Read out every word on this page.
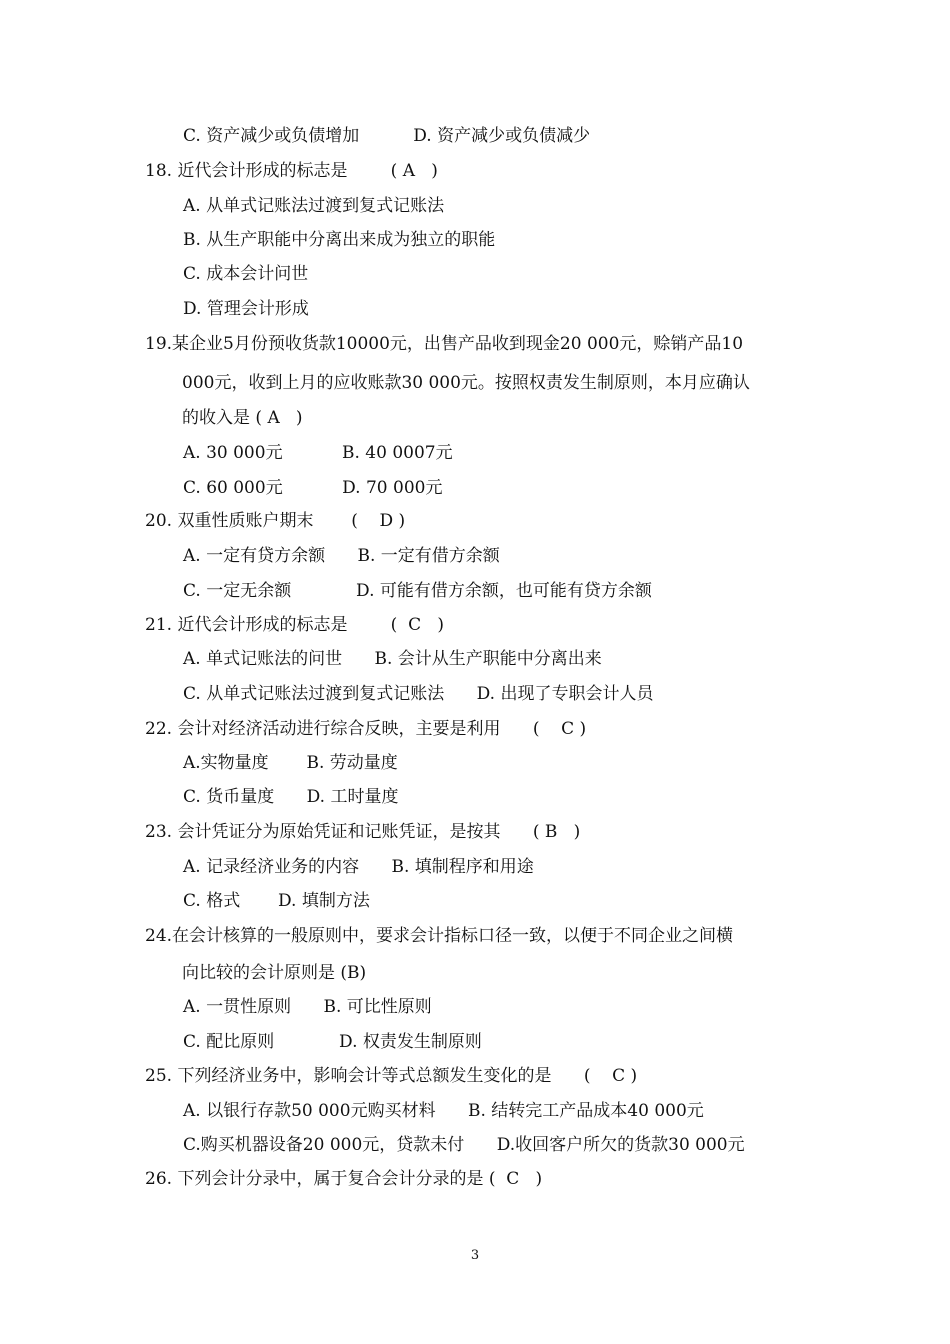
C. 资产减少或负债增加          D. 资产减少或负债减少
18. 近代会计形成的标志是        ( A   )
A. 从单式记账法过渡到复式记账法
B. 从生产职能中分离出来成为独立的职能
C. 成本会计问世
D. 管理会计形成
19.某企业5月份预收货款10000元，出售产品收到现金20 000元，赊销产品10
000元，收到上月的应收账款30 000元。按照权责发生制原则，本月应确认
的收入是 ( A   )
A. 30 000元           B. 40 0007元
C. 60 000元           D. 70 000元
20. 双重性质账户期末       (    D )
A. 一定有贷方余额      B. 一定有借方余额
C. 一定无余额            D. 可能有借方余额，也可能有贷方余额
21. 近代会计形成的标志是        (  C   )
A. 单式记账法的问世      B. 会计从生产职能中分离出来
C. 从单式记账法过渡到复式记账法      D. 出现了专职会计人员
22. 会计对经济活动进行综合反映，主要是利用      (    C )
A.实物量度       B. 劳动量度
C. 货币量度      D. 工时量度
23. 会计凭证分为原始凭证和记账凭证，是按其      ( B   )
A. 记录经济业务的内容      B. 填制程序和用途
C. 格式       D. 填制方法
24.在会计核算的一般原则中，要求会计指标口径一致，以便于不同企业之间横
向比较的会计原则是 (B)
A. 一贯性原则      B. 可比性原则
C. 配比原则            D. 权责发生制原则
25. 下列经济业务中，影响会计等式总额发生变化的是      (    C )
A. 以银行存款50 000元购买材料      B. 结转完工产品成本40 000元
C.购买机器设备20 000元，贷款未付      D.收回客户所欠的货款30 000元
26. 下列会计分录中，属于复合会计分录的是 (  C   )
3
